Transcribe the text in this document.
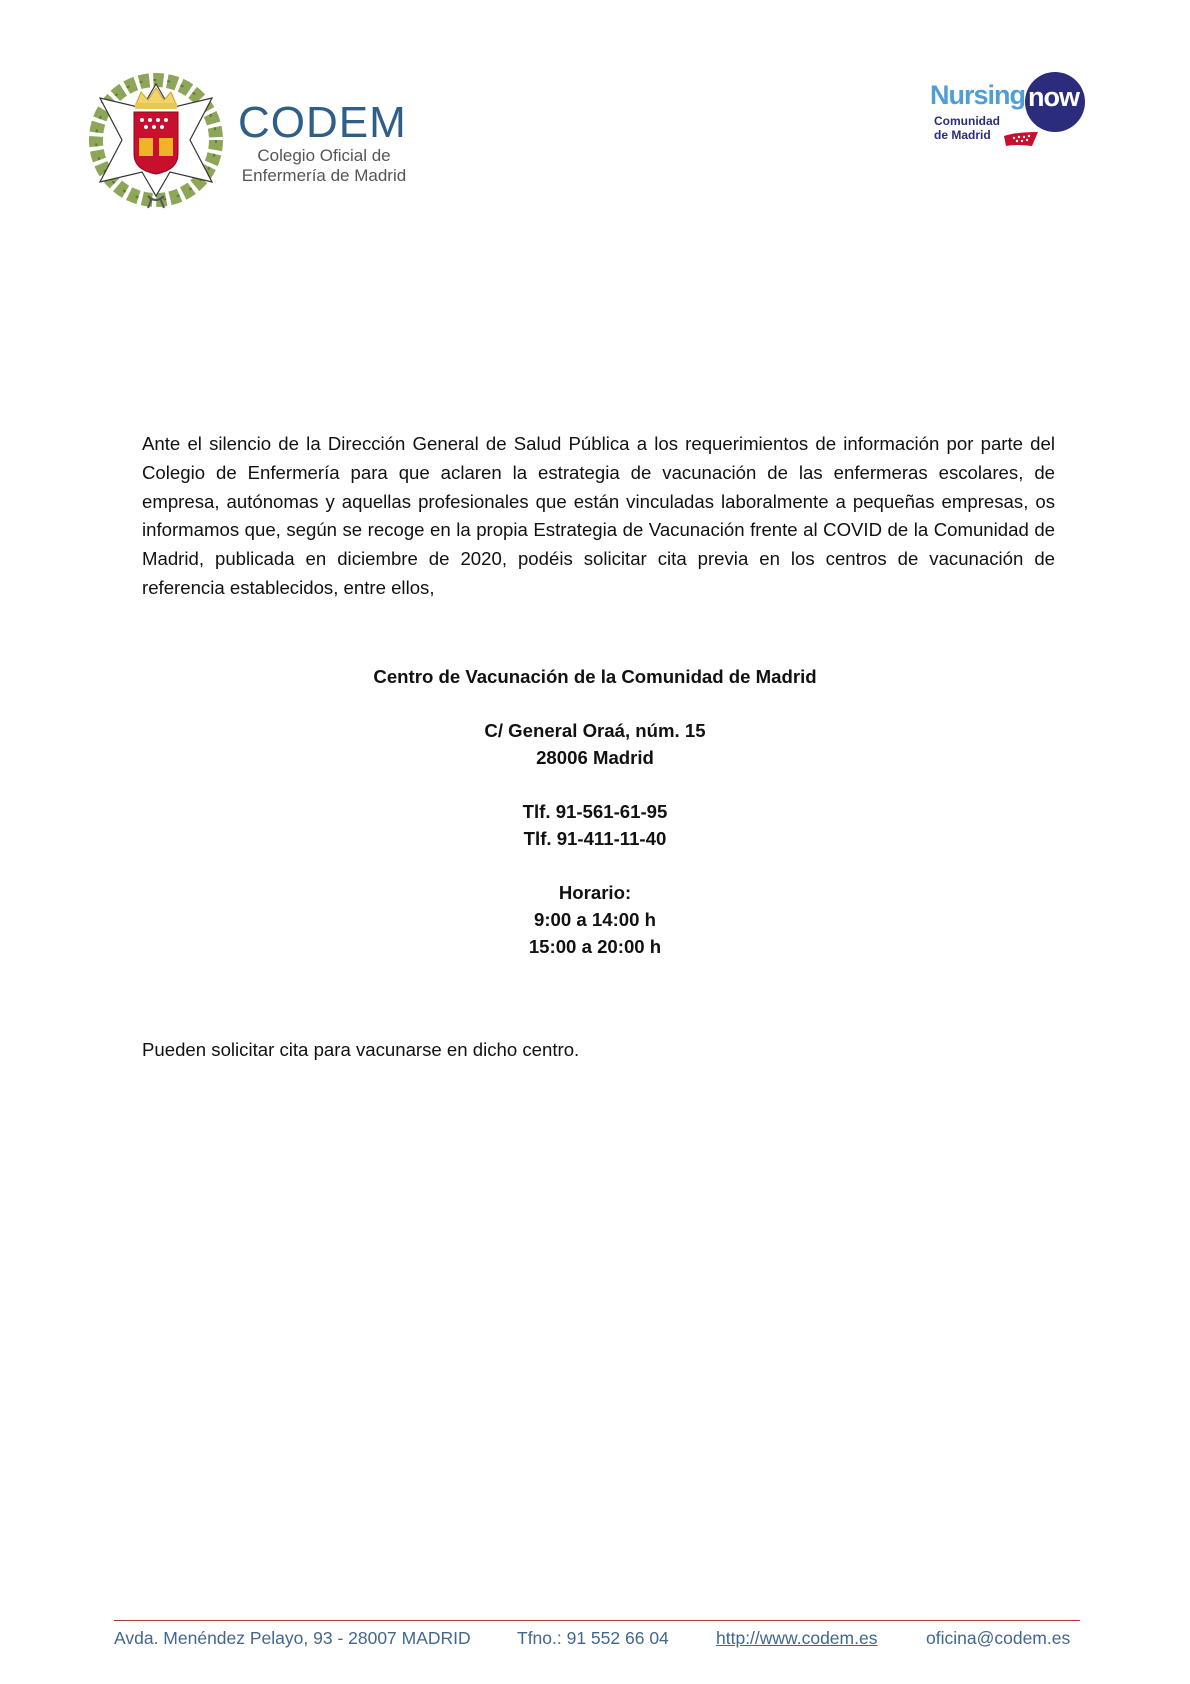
CODEM
Colegio Oficial de
Enfermería de Madrid
Nursing now
Comunidad
de Madrid

Ante el silencio de la Dirección General de Salud Pública a los requerimientos de información por parte del Colegio de Enfermería para que aclaren la estrategia de vacunación de las enfermeras escolares, de empresa, autónomas y aquellas profesionales que están vinculadas laboralmente a pequeñas empresas, os informamos que, según se recoge en la propia Estrategia de Vacunación frente al COVID de la Comunidad de Madrid, publicada en diciembre de 2020, podéis solicitar cita previa en los centros de vacunación de referencia establecidos, entre ellos,

Centro de Vacunación de la Comunidad de Madrid
C/ General Oraá, núm. 15
28006 Madrid
Tlf. 91-561-61-95
Tlf. 91-411-11-40
Horario:
9:00 a 14:00 h
15:00 a 20:00 h
Pueden solicitar cita para vacunarse en dicho centro.
Avda. Menéndez Pelayo, 93 - 28007 MADRID	Tfno.: 91 552 66 04	http://www.codem.es	oficina@codem.es
